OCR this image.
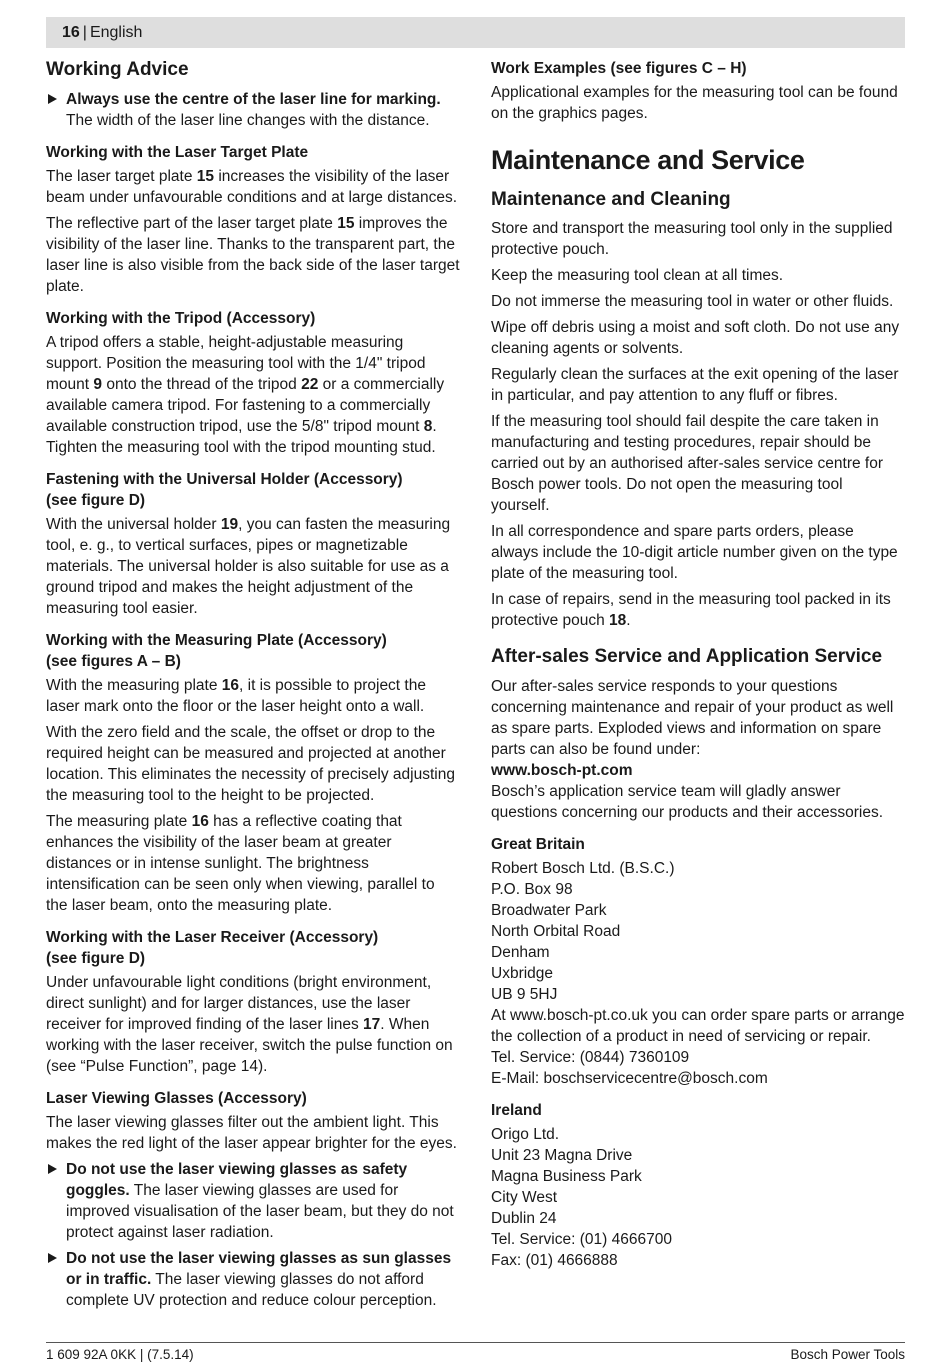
16 | English
Working Advice
Always use the centre of the laser line for marking. The width of the laser line changes with the distance.
Working with the Laser Target Plate

The laser target plate 15 increases the visibility of the laser beam under unfavourable conditions and at large distances.

The reflective part of the laser target plate 15 improves the visibility of the laser line. Thanks to the transparent part, the laser line is also visible from the back side of the laser target plate.

Working with the Tripod (Accessory)

A tripod offers a stable, height-adjustable measuring support. Position the measuring tool with the 1/4" tripod mount 9 onto the thread of the tripod 22 or a commercially available camera tripod. For fastening to a commercially available construction tripod, use the 5/8" tripod mount 8. Tighten the measuring tool with the tripod mounting stud.

Fastening with the Universal Holder (Accessory)
(see figure D)

With the universal holder 19, you can fasten the measuring tool, e. g., to vertical surfaces, pipes or magnetizable materials. The universal holder is also suitable for use as a ground tripod and makes the height adjustment of the measuring tool easier.

Working with the Measuring Plate (Accessory)
(see figures A – B)

With the measuring plate 16, it is possible to project the laser mark onto the floor or the laser height onto a wall.

With the zero field and the scale, the offset or drop to the required height can be measured and projected at another location. This eliminates the necessity of precisely adjusting the measuring tool to the height to be projected.

The measuring plate 16 has a reflective coating that enhances the visibility of the laser beam at greater distances or in intense sunlight. The brightness intensification can be seen only when viewing, parallel to the laser beam, onto the measuring plate.

Working with the Laser Receiver (Accessory)
(see figure D)

Under unfavourable light conditions (bright environment, direct sunlight) and for larger distances, use the laser receiver for improved finding of the laser lines 17. When working with the laser receiver, switch the pulse function on (see “Pulse Function”, page 14).

Laser Viewing Glasses (Accessory)

The laser viewing glasses filter out the ambient light. This makes the red light of the laser appear brighter for the eyes.

Do not use the laser viewing glasses as safety goggles. The laser viewing glasses are used for improved visualisation of the laser beam, but they do not protect against laser radiation.
Do not use the laser viewing glasses as sun glasses or in traffic. The laser viewing glasses do not afford complete UV protection and reduce colour perception.
Work Examples (see figures C – H)

Applicational examples for the measuring tool can be found on the graphics pages.

Maintenance and Service
Maintenance and Cleaning

Store and transport the measuring tool only in the supplied protective pouch.

Keep the measuring tool clean at all times.

Do not immerse the measuring tool in water or other fluids.

Wipe off debris using a moist and soft cloth. Do not use any cleaning agents or solvents.

Regularly clean the surfaces at the exit opening of the laser in particular, and pay attention to any fluff or fibres.

If the measuring tool should fail despite the care taken in manufacturing and testing procedures, repair should be carried out by an authorised after-sales service centre for Bosch power tools. Do not open the measuring tool yourself.

In all correspondence and spare parts orders, please always include the 10-digit article number given on the type plate of the measuring tool.

In case of repairs, send in the measuring tool packed in its protective pouch 18.

After-sales Service and Application Service

Our after-sales service responds to your questions concerning maintenance and repair of your product as well as spare parts. Exploded views and information on spare parts can also be found under:

www.bosch-pt.com

Bosch’s application service team will gladly answer questions concerning our products and their accessories.

Great Britain
Robert Bosch Ltd. (B.S.C.)
P.O. Box 98
Broadwater Park
North Orbital Road
Denham
Uxbridge
UB 9 5HJ
At www.bosch-pt.co.uk you can order spare parts or arrange the collection of a product in need of servicing or repair.
Tel. Service: (0844) 7360109
E-Mail: boschservicecentre@bosch.com
Ireland
Origo Ltd.
Unit 23 Magna Drive
Magna Business Park
City West
Dublin 24
Tel. Service: (01) 4666700
Fax: (01) 4666888
1 609 92A 0KK | (7.5.14)	Bosch Power Tools
